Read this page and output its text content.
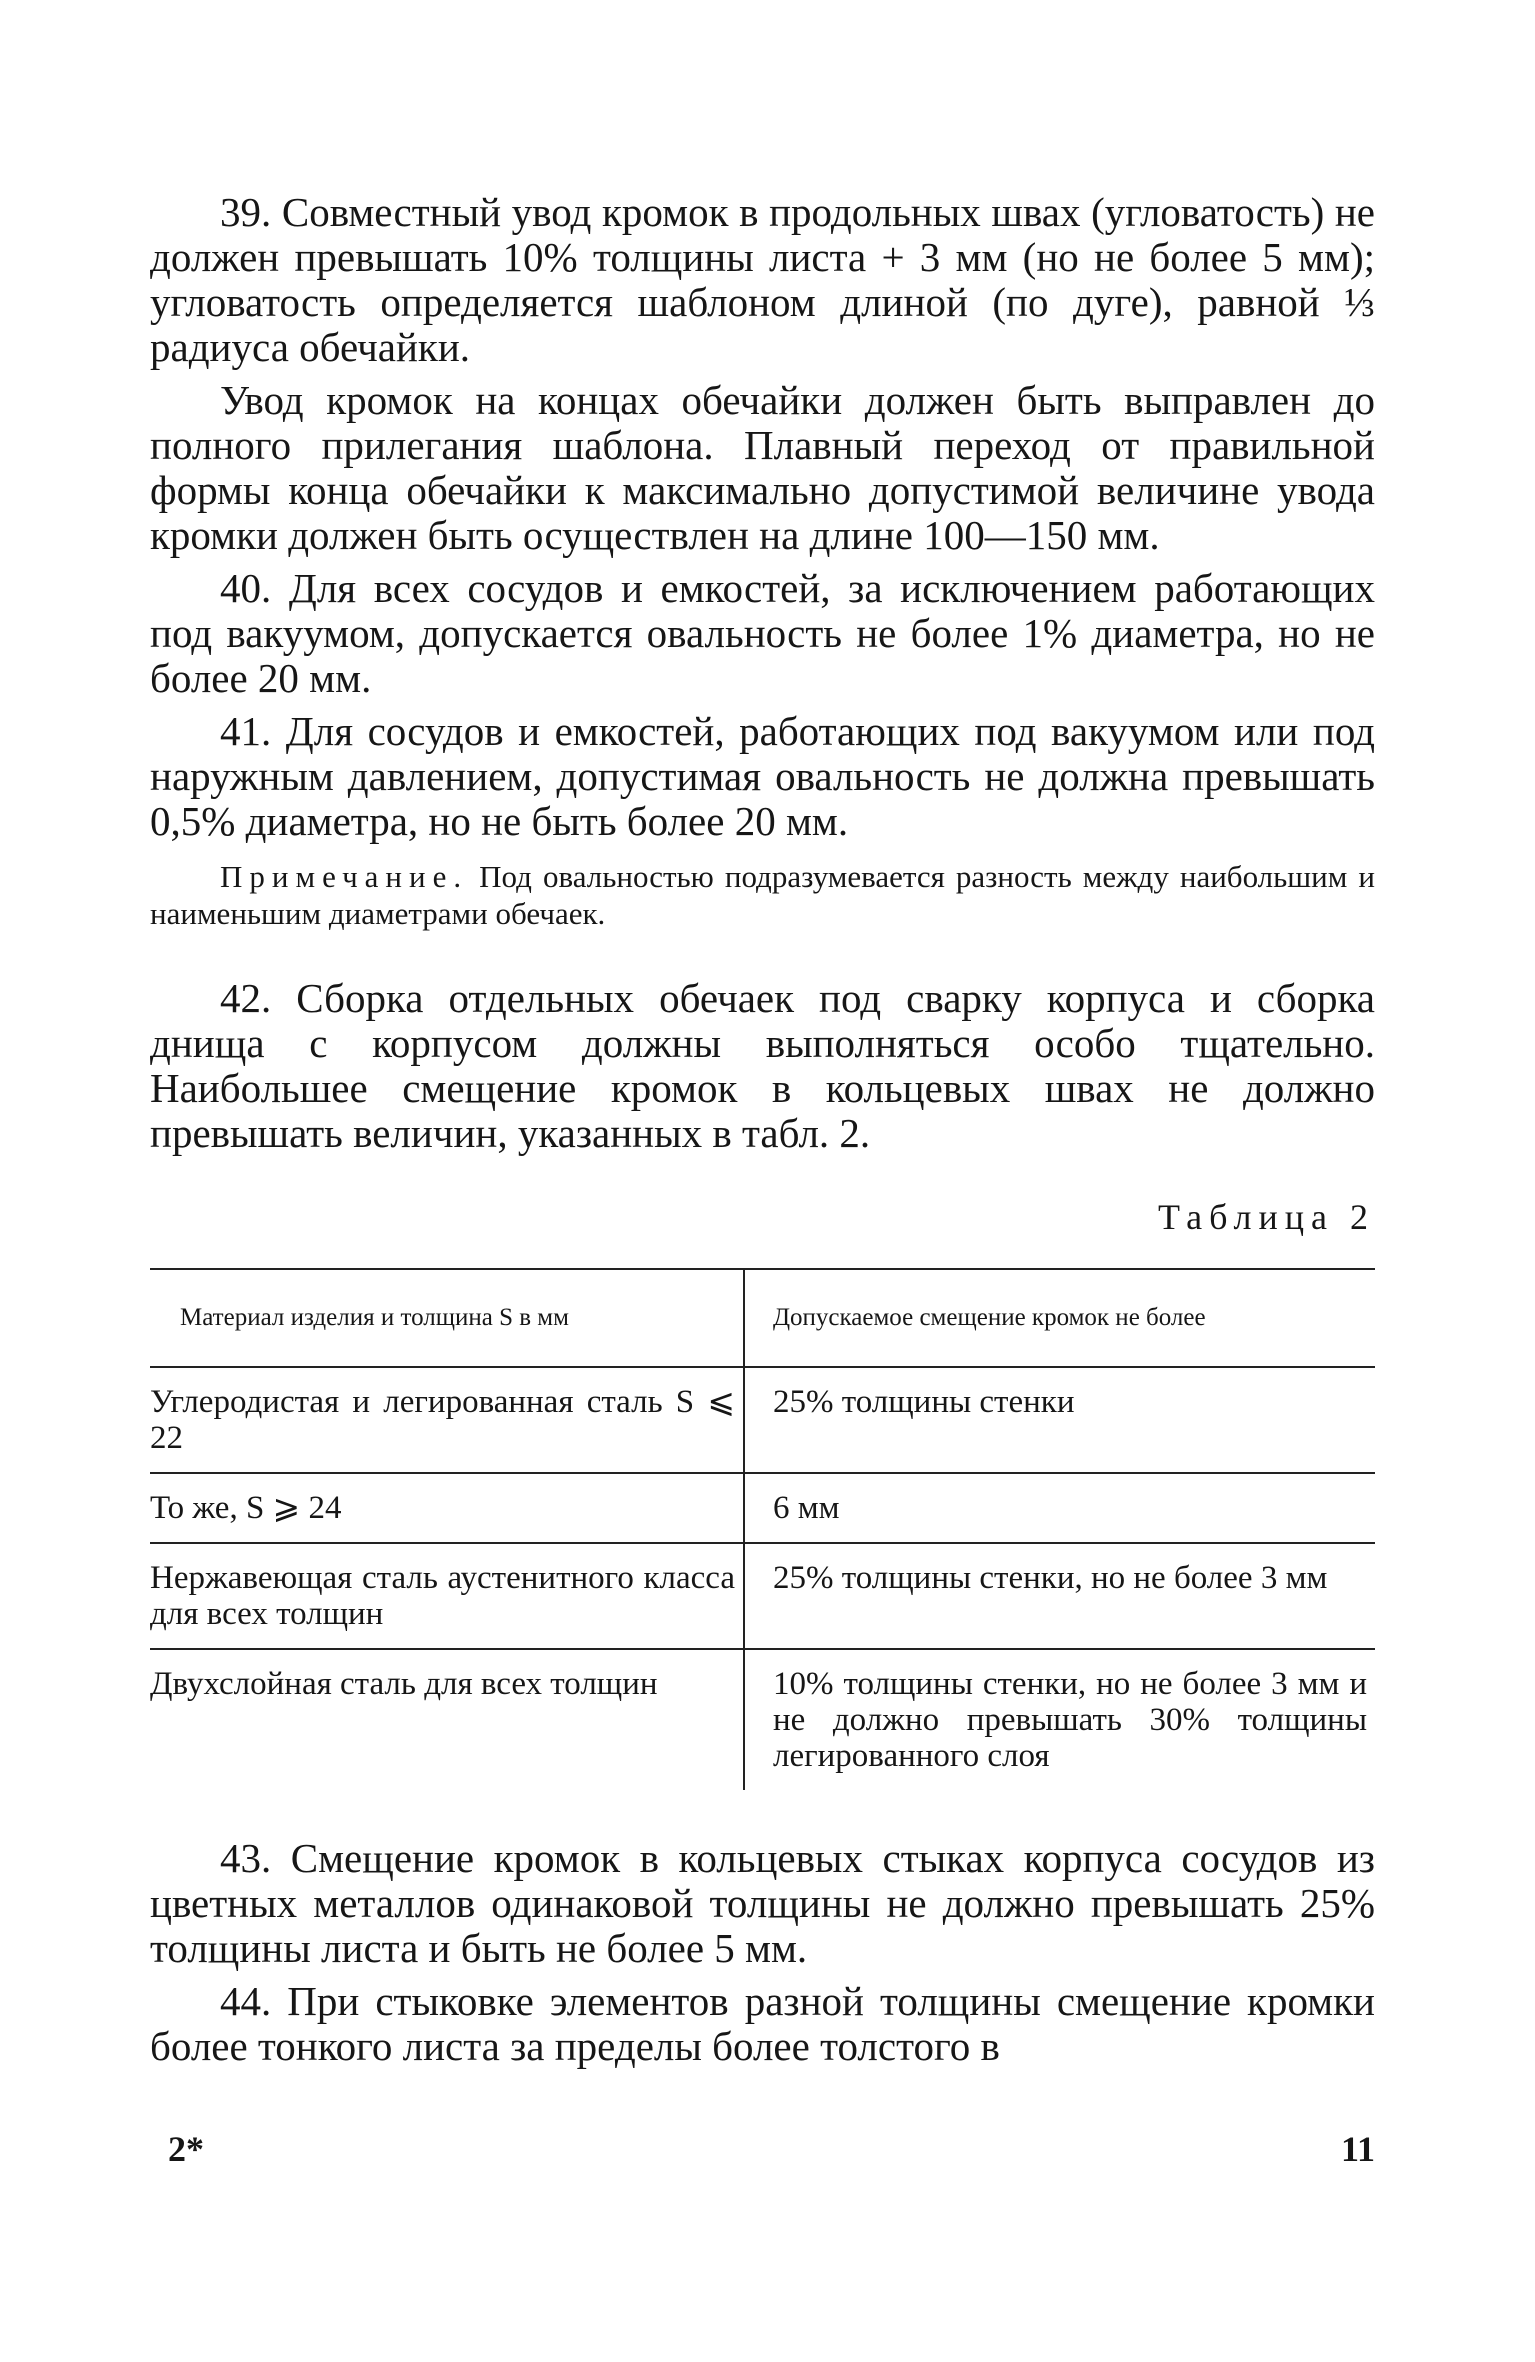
39. Совместный увод кромок в продольных швах (угловатость) не должен превышать 10% толщины листа + 3 мм (но не более 5 мм); угловатость определяется шаблоном длиной (по дуге), равной ⅓ радиуса обечайки.

Увод кромок на концах обечайки должен быть выправлен до полного прилегания шаблона. Плавный переход от правильной формы конца обечайки к максимально допустимой величине увода кромки должен быть осуществлен на длине 100—150 мм.

40. Для всех сосудов и емкостей, за исключением работающих под вакуумом, допускается овальность не более 1% диаметра, но не более 20 мм.

41. Для сосудов и емкостей, работающих под вакуумом или под наружным давлением, допустимая овальность не должна превышать 0,5% диаметра, но не быть более 20 мм.

Примечание. Под овальностью подразумевается разность между наибольшим и наименьшим диаметрами обечаек.

42. Сборка отдельных обечаек под сварку корпуса и сборка днища с корпусом должны выполняться особо тщательно. Наибольшее смещение кромок в кольцевых швах не должно превышать величин, указанных в табл. 2.

Таблица 2
Материал изделия и толщина S в мм	Допускаемое смещение кромок не более
Углеродистая и легированная сталь S ⩽ 22	25% толщины стенки
То же, S ⩾ 24	6 мм
Нержавеющая сталь аустенитного класса для всех толщин	25% толщины стенки, но не более 3 мм
Двухслойная сталь для всех толщин	10% толщины стенки, но не более 3 мм и не должно превышать 30% толщины легированного слоя

43. Смещение кромок в кольцевых стыках корпуса сосудов из цветных металлов одинаковой толщины не должно превышать 25% толщины листа и быть не более 5 мм.

44. При стыковке элементов разной толщины смещение кромки более тонкого листа за пределы более толстого в

2*	11
